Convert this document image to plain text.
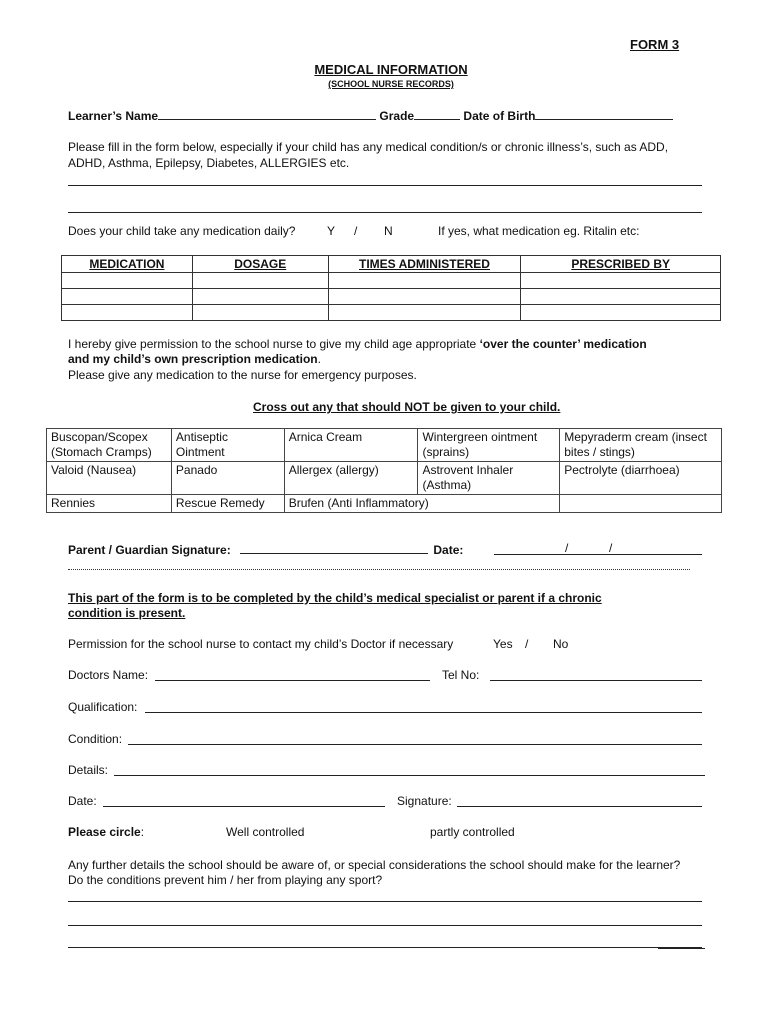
FORM 3
MEDICAL INFORMATION
(SCHOOL NURSE RECORDS)
Learner’s Name	Grade	Date of Birth
Please fill in the form below, especially if your child has any medical condition/s or chronic illness’s, such as ADD,
ADHD, Asthma, Epilepsy, Diabetes, ALLERGIES etc.
Does your child take any medication daily?	Y / N	If yes, what medication eg. Ritalin etc:
MEDICATION	DOSAGE	TIMES ADMINISTERED	PRESCRIBED BY

I hereby give permission to the school nurse to give my child age appropriate ‘over the counter’ medication
and my child’s own prescription medication.
Please give any medication to the nurse for emergency purposes.
Cross out any that should NOT be given to your child.
Buscopan/Scopex (Stomach Cramps)	Antiseptic Ointment	Arnica Cream	Wintergreen ointment (sprains)	Mepyraderm cream (insect bites / stings)
Valoid (Nausea)	Panado	Allergex (allergy)	Astrovent Inhaler (Asthma)	Pectrolyte (diarrhoea)
Rennies	Rescue Remedy	Brufen (Anti Inflammatory)		
Parent / Guardian Signature:	Date:	/	/
This part of the form is to be completed by the child’s medical specialist or parent if a chronic
condition is present.
Permission for the school nurse to contact my child’s Doctor if necessary	Yes / No
Doctors Name:	Tel No:
Qualification:
Condition:
Details:
Date:	Signature:
Please circle:	Well controlled	partly controlled
Any further details the school should be aware of, or special considerations the school should make for the learner?
Do the conditions prevent him / her from playing any sport?
